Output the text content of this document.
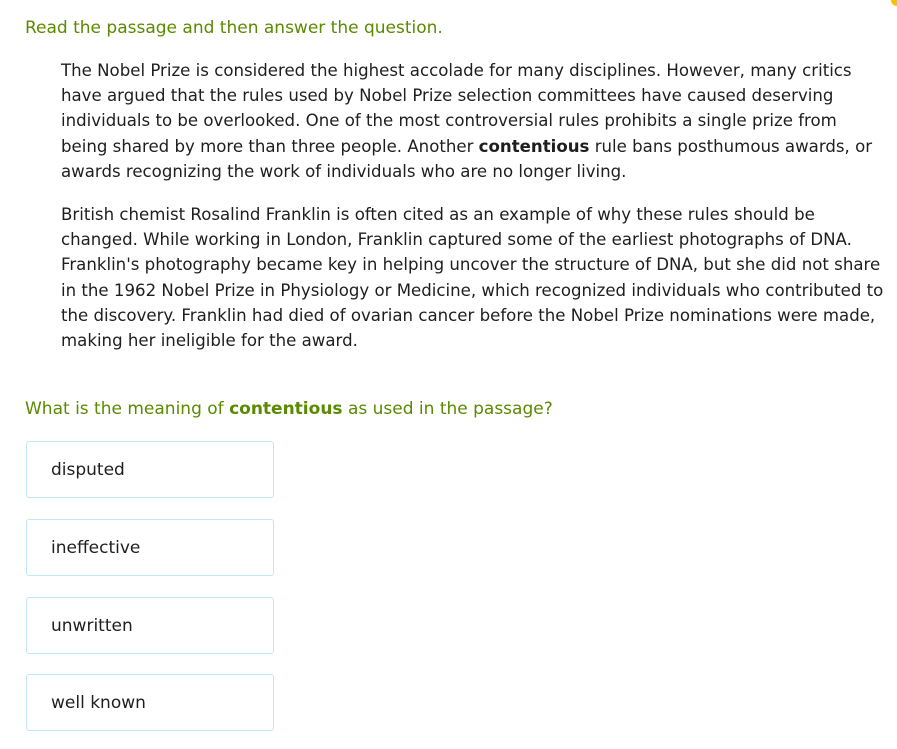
Read the passage and then answer the question.

The Nobel Prize is considered the highest accolade for many disciplines. However, many critics have argued that the rules used by Nobel Prize selection committees have caused deserving individuals to be overlooked. One of the most controversial rules prohibits a single prize from being shared by more than three people. Another contentious rule bans posthumous awards, or awards recognizing the work of individuals who are no longer living.

British chemist Rosalind Franklin is often cited as an example of why these rules should be changed. While working in London, Franklin captured some of the earliest photographs of DNA. Franklin's photography became key in helping uncover the structure of DNA, but she did not share in the 1962 Nobel Prize in Physiology or Medicine, which recognized individuals who contributed to the discovery. Franklin had died of ovarian cancer before the Nobel Prize nominations were made, making her ineligible for the award.

What is the meaning of contentious as used in the passage?

disputed
ineffective
unwritten
well known
